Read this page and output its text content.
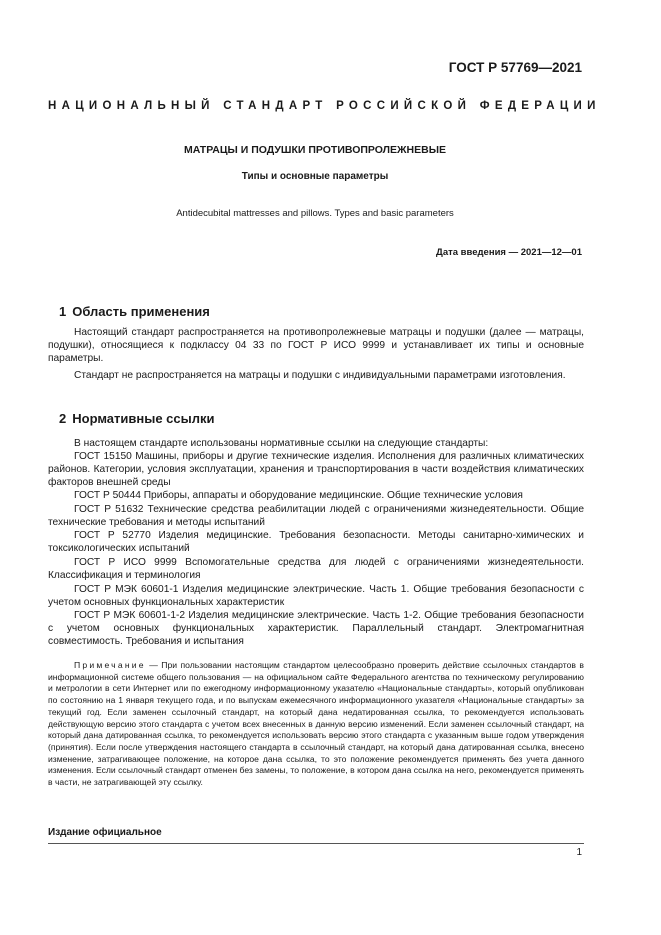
ГОСТ Р 57769—2021
НАЦИОНАЛЬНЫЙ СТАНДАРТ РОССИЙСКОЙ ФЕДЕРАЦИИ
МАТРАЦЫ И ПОДУШКИ ПРОТИВОПРОЛЕЖНЕВЫЕ
Типы и основные параметры
Antidecubital mattresses and pillows. Types and basic parameters
Дата введения — 2021—12—01
1 Область применения
Настоящий стандарт распространяется на противопролежневые матрацы и подушки (далее — матрацы, подушки), относящиеся к подклассу 04 33 по ГОСТ Р ИСО 9999 и устанавливает их типы и основные параметры.
Стандарт не распространяется на матрацы и подушки с индивидуальными параметрами изготовления.
2 Нормативные ссылки
В настоящем стандарте использованы нормативные ссылки на следующие стандарты:
ГОСТ 15150 Машины, приборы и другие технические изделия. Исполнения для различных климатических районов. Категории, условия эксплуатации, хранения и транспортирования в части воздействия климатических факторов внешней среды
ГОСТ Р 50444 Приборы, аппараты и оборудование медицинские. Общие технические условия
ГОСТ Р 51632 Технические средства реабилитации людей с ограничениями жизнедеятельности. Общие технические требования и методы испытаний
ГОСТ Р 52770 Изделия медицинские. Требования безопасности. Методы санитарно-химических и токсикологических испытаний
ГОСТ Р ИСО 9999 Вспомогательные средства для людей с ограничениями жизнедеятельности. Классификация и терминология
ГОСТ Р МЭК 60601-1 Изделия медицинские электрические. Часть 1. Общие требования безопасности с учетом основных функциональных характеристик
ГОСТ Р МЭК 60601-1-2 Изделия медицинские электрические. Часть 1-2. Общие требования безопасности с учетом основных функциональных характеристик. Параллельный стандарт. Электромагнитная совместимость. Требования и испытания
Примечание — При пользовании настоящим стандартом целесообразно проверить действие ссылочных стандартов в информационной системе общего пользования — на официальном сайте Федерального агентства по техническому регулированию и метрологии в сети Интернет или по ежегодному информационному указателю «Национальные стандарты», который опубликован по состоянию на 1 января текущего года, и по выпускам ежемесячного информационного указателя «Национальные стандарты» за текущий год. Если заменен ссылочный стандарт, на который дана недатированная ссылка, то рекомендуется использовать действующую версию этого стандарта с учетом всех внесенных в данную версию изменений. Если заменен ссылочный стандарт, на который дана датированная ссылка, то рекомендуется использовать версию этого стандарта с указанным выше годом утверждения (принятия). Если после утверждения настоящего стандарта в ссылочный стандарт, на который дана датированная ссылка, внесено изменение, затрагивающее положение, на которое дана ссылка, то это положение рекомендуется применять без учета данного изменения. Если ссылочный стандарт отменен без замены, то положение, в котором дана ссылка на него, рекомендуется применять в части, не затрагивающей эту ссылку.
Издание официальное
1
